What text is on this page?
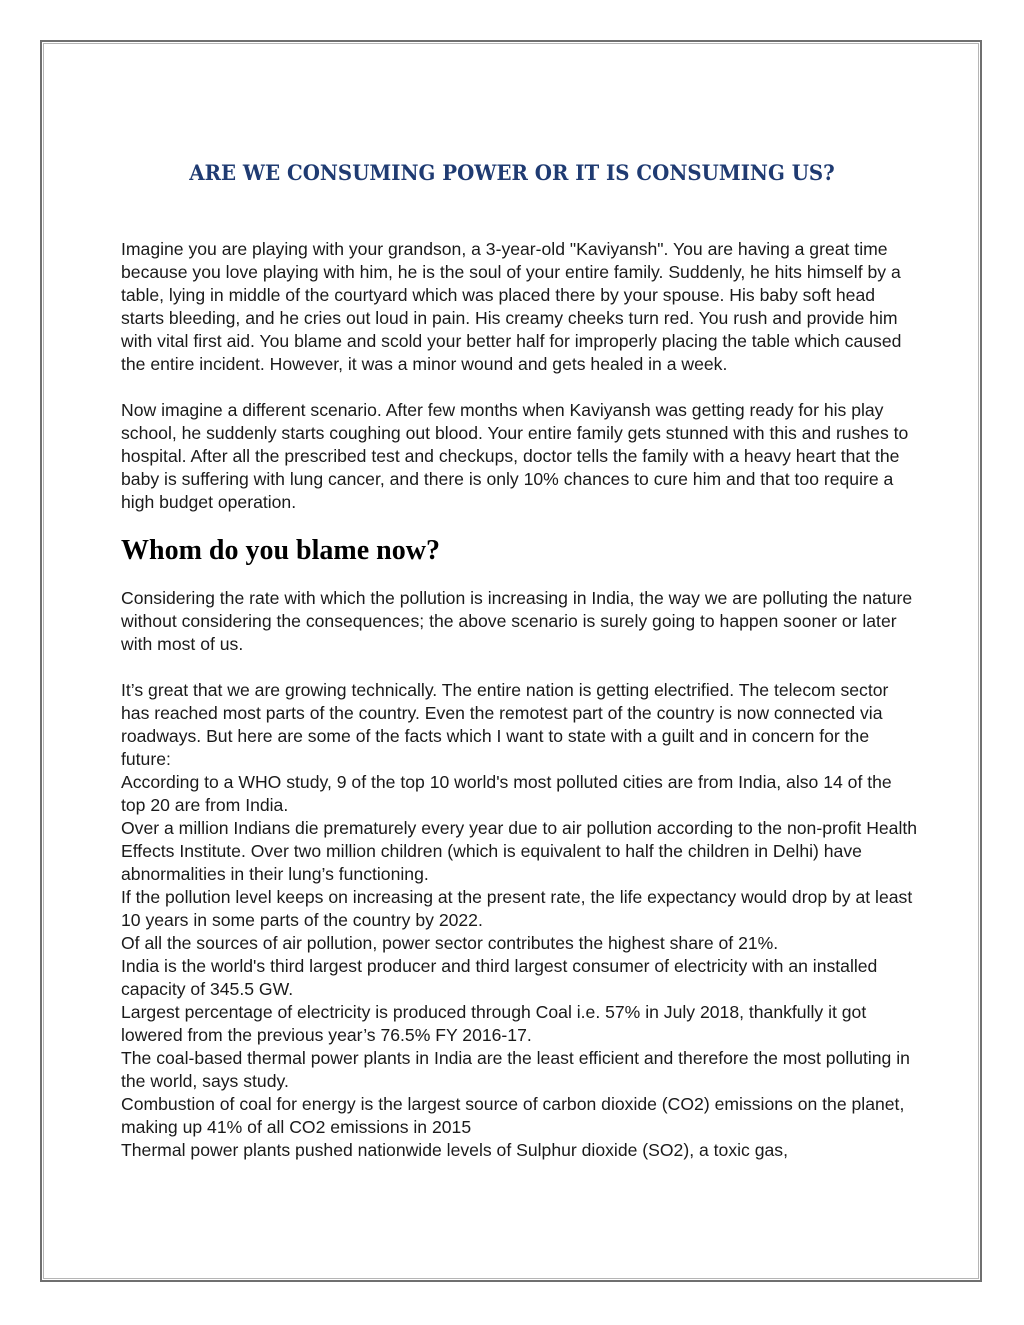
ARE WE CONSUMING POWER OR IT IS CONSUMING US?

Imagine you are playing with your grandson, a 3-year-old "Kaviyansh". You are having a great time because you love playing with him, he is the soul of your entire family. Suddenly, he hits himself by a table, lying in middle of the courtyard which was placed there by your spouse. His baby soft head starts bleeding, and he cries out loud in pain. His creamy cheeks turn red. You rush and provide him with vital first aid. You blame and scold your better half for improperly placing the table which caused the entire incident. However, it was a minor wound and gets healed in a week.

Now imagine a different scenario. After few months when Kaviyansh was getting ready for his play school, he suddenly starts coughing out blood. Your entire family gets stunned with this and rushes to hospital. After all the prescribed test and checkups, doctor tells the family with a heavy heart that the baby is suffering with lung cancer, and there is only 10% chances to cure him and that too require a high budget operation.

Whom do you blame now?

Considering the rate with which the pollution is increasing in India, the way we are polluting the nature without considering the consequences; the above scenario is surely going to happen sooner or later with most of us.

It’s great that we are growing technically. The entire nation is getting electrified. The telecom sector has reached most parts of the country. Even the remotest part of the country is now connected via roadways. But here are some of the facts which I want to state with a guilt and in concern for the future:

According to a WHO study, 9 of the top 10 world's most polluted cities are from India, also 14 of the top 20 are from India.

Over a million Indians die prematurely every year due to air pollution according to the non-profit Health Effects Institute. Over two million children (which is equivalent to half the children in Delhi) have abnormalities in their lung’s functioning.

If the pollution level keeps on increasing at the present rate, the life expectancy would drop by at least 10 years in some parts of the country by 2022.

Of all the sources of air pollution, power sector contributes the highest share of 21%.

India is the world's third largest producer and third largest consumer of electricity with an installed capacity of 345.5 GW.

Largest percentage of electricity is produced through Coal i.e. 57% in July 2018, thankfully it got lowered from the previous year’s 76.5% FY 2016-17.

The coal-based thermal power plants in India are the least efficient and therefore the most polluting in the world, says study.

Combustion of coal for energy is the largest source of carbon dioxide (CO2) emissions on the planet, making up 41% of all CO2 emissions in 2015

Thermal power plants pushed nationwide levels of Sulphur dioxide (SO2), a toxic gas,
